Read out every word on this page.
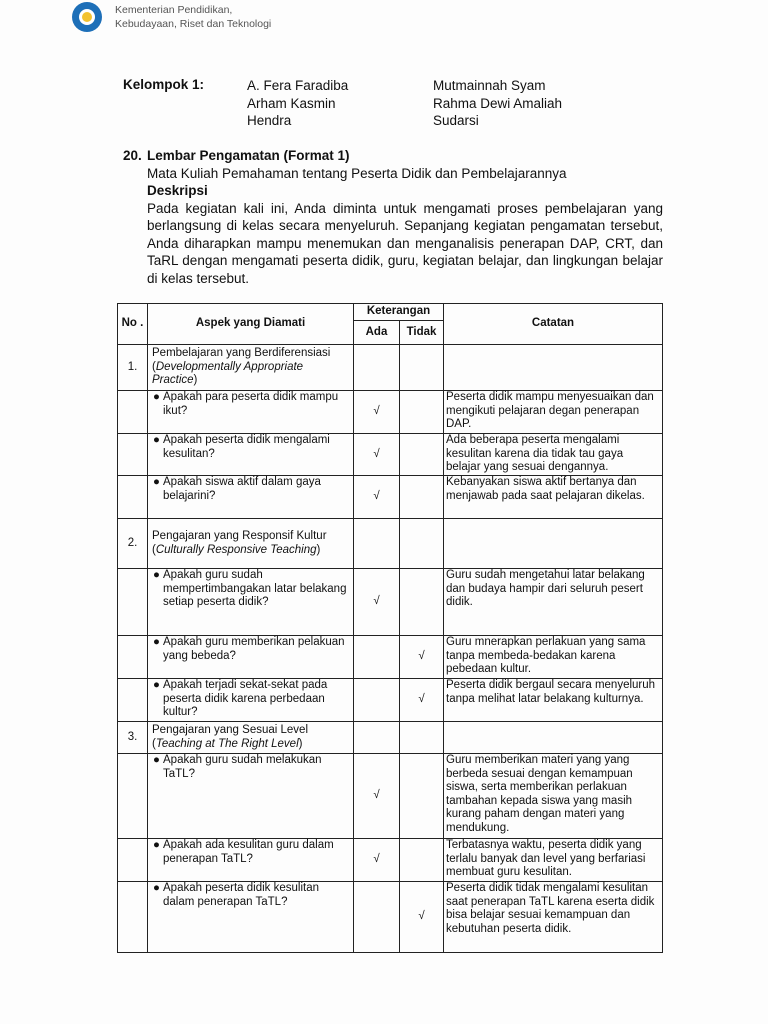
Kementerian Pendidikan,
Kebudayaan, Riset dan Teknologi
Kelompok 1:	A. Fera Faradiba
Arham Kasmin
Hendra
Mutmainnah Syam
Rahma Dewi Amaliah
Sudarsi
20. Lembar Pengamatan (Format 1)
Mata Kuliah Pemahaman tentang Peserta Didik dan Pembelajarannya
Deskripsi
Pada kegiatan kali ini, Anda diminta untuk mengamati proses pembelajaran yang berlangsung di kelas secara menyeluruh. Sepanjang kegiatan pengamatan tersebut, Anda diharapkan mampu menemukan dan menganalisis penerapan DAP, CRT, dan TaRL dengan mengamati peserta didik, guru, kegiatan belajar, dan lingkungan belajar di kelas tersebut.
No .	Aspek yang Diamati	Keterangan		Catatan
		Ada	Tidak	
1.	Pembelajaran yang Berdiferensiasi (Developmentally Appropriate Practice)			

	● Apakah para peserta didik mampu ikut?	√		Peserta didik mampu menyesuaikan dan mengikuti pelajaran degan penerapan DAP.

	● Apakah peserta didik mengalami kesulitan?	√		Ada beberapa peserta mengalami kesulitan karena dia tidak tau gaya belajar yang sesuai dengannya.

	● Apakah siswa aktif dalam gaya belajarini?	√		Kebanyakan siswa aktif bertanya dan menjawab pada saat pelajaran dikelas.
2.	Pengajaran yang Responsif Kultur (Culturally Responsive Teaching)			

	● Apakah guru sudah mempertimbangakan latar belakang setiap peserta didik?	√		Guru sudah mengetahui latar belakang dan budaya hampir dari seluruh pesert didik.

	● Apakah guru memberikan pelakuan yang bebeda?		√	Guru mnerapkan perlakuan yang sama tanpa membeda-bedakan karena pebedaan kultur.

	● Apakah terjadi sekat-sekat pada peserta didik karena perbedaan kultur?		√	Peserta didik bergaul secara menyeluruh tanpa melihat latar belakang kulturnya.
3.	Pengajaran yang Sesuai Level (Teaching at The Right Level)			

	● Apakah guru sudah melakukan TaTL?	√		Guru memberikan materi yang yang berbeda sesuai dengan kemampuan siswa, serta memberikan perlakuan tambahan kepada siswa yang masih kurang paham dengan materi yang mendukung.

	● Apakah ada kesulitan guru dalam penerapan TaTL?	√		Terbatasnya waktu, peserta didik yang terlalu banyak dan level yang berfariasi membuat guru kesulitan.

	● Apakah peserta didik kesulitan dalam penerapan TaTL?		√	Peserta didik tidak mengalami kesulitan saat penerapan TaTL karena eserta didik bisa belajar sesuai kemampuan dan kebutuhan peserta didik.
